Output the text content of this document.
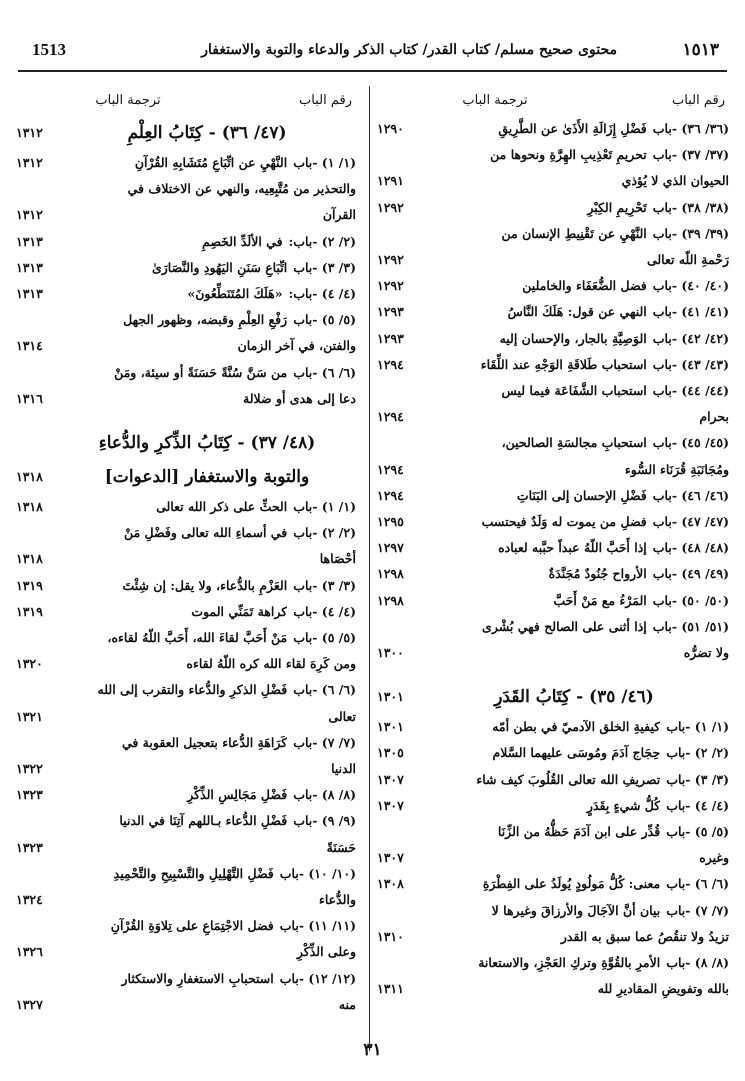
1513	محتوى صحيح مسلم/ كتاب القدر/ كتاب الذكر والدعاء والتوبة والاستغفار	١٥١٣
رقم الباب
ترجمة الباب
(٣٦/ ٣٦) -باب
فَضْلِ إِزَالَةِ الأَذَىٰ عن الطَّرِيقِ
١٢٩٠
(٣٧/ ٣٧) -باب
تحريمِ تَعْذِيبِ الهِرَّةِ ونحوها من
الحيوان الذي لا يُؤذي
١٢٩١
(٣٨/ ٣٨) -باب
تَحْرِيمِ الكِبْرِ
١٢٩٢
(٣٩/ ٣٩) -باب
النَّهْيِ عن تَقْنِيطِ الإنسان من
رَحْمةِ اللّه تعالى
١٢٩٢
(٤٠/ ٤٠) -باب
فضل الضُّعَفَاء والخاملين
١٢٩٢
(٤١/ ٤١) -باب
النهي عن قول: هَلَكَ النَّاسُ
١٢٩٣
(٤٢/ ٤٢) -باب
الوَصِيَّةِ بالجار، والإحسان إليه
١٢٩٣
(٤٣/ ٤٣) -باب
استحباب طَلاقَةِ الوَجْهِ عند اللِّقَاء
١٢٩٤
(٤٤/ ٤٤) -باب
استحباب الشَّفَاعَة فيما ليس
بحرام
١٢٩٤
(٤٥/ ٤٥) -باب
استحبابِ مجالسَةِ الصالحين،
ومُجَانَبَةِ قُرَنَاء السُّوء
١٢٩٤
(٤٦/ ٤٦) -باب
فَضْلِ الإحسان إلى البَنَاتِ
١٢٩٤
(٤٧/ ٤٧) -باب
فضلِ من يموت له وَلَدٌ فيحتسب
١٢٩٥
(٤٨/ ٤٨) -باب
إذا أَحَبَّ اللّهُ عبداً حبَّبه لعباده
١٢٩٧
(٤٩/ ٤٩) -باب
الأرواح جُنُودٌ مُجَنَّدَةٌ
١٢٩٨
(٥٠/ ٥٠) -باب
المَرْءُ مع مَنْ أَحَبَّ
١٢٩٨
(٥١/ ٥١) -باب
إذا أثنى على الصالح فهي بُشْرى
ولا تضرُّه
١٣٠٠
(٤٦/ ٣٥) - كِتَابُ القَدَرِ
١٣٠١
(١/ ١) -باب
كيفيةِ الخلق الآدميّ في بطن أمّه
١٣٠١
(٢/ ٢) -باب
حِجَاج آدَمَ ومُوسَى عليهما السَّلام
١٣٠٥
(٣/ ٣) -باب
تصريفِ الله تعالى القُلُوبَ كيف شاء
١٣٠٧
(٤/ ٤) -باب
كُلُّ شيءٍ بِقَدَرٍ
١٣٠٧
(٥/ ٥) -باب
قُدِّر على ابن آدَمَ حَظُّهُ من الزِّنَا
وغيره
١٣٠٧
(٦/ ٦) -باب
معنى: كُلُّ مَولُودٍ يُولَدُ على الفِطْرَةِ
١٣٠٨
(٧/ ٧) -باب
بيان أنَّ الآجَالَ والأرزاقَ وغيرها لا
تزيدُ ولا تنقُصُ عما سبق به القدر
١٣١٠
(٨/ ٨) -باب
الأمرِ بالقُوَّةِ وتركِ العَجْزِ، والاستعانة
بالله وتفويضِ المقاديرِ لله
١٣١١
رقم الباب
ترجمة الباب
(٤٧/ ٣٦) - كِتَابُ العِلْمِ
١٣١٢
(١/ ١) -باب
النَّهْيِ عن اتِّبَاعِ مُتَشَابِهِ القُرْآنِ
١٣١٢
والتحذير من مُتَّبِعِيه، والنهي عن الاختلاف في
القرآن
١٣١٢
(٢/ ٢) -باب:
في الألَدِّ الخَصِمِ
١٣١٣
(٣/ ٣) -باب
اتِّبَاعِ سَنَنِ اليَهُودِ والنَّصَارَىٰ
١٣١٣
(٤/ ٤) -باب:
«هَلَكَ المُتَنَطِّعُونَ»
١٣١٣
(٥/ ٥) -باب
رَفْعِ العِلْمِ وقبضه، وظهور الجهل
والفتن، في آخر الزمان
١٣١٤
(٦/ ٦) -باب
من سَنَّ سُنَّةً حَسَنَةً أو سيئة، ومَنْ
دعا إلى هدى أو ضلالة
١٣١٦
(٤٨/ ٣٧) - كِتَابُ الذِّكرِ والدُّعاءِ
والتوبة والاستغفار [الدعوات]
١٣١٨
(١/ ١) -باب
الحثِّ على ذكر الله تعالى
١٣١٨
(٢/ ٢) -باب
في أسماءِ الله تعالى وفَضْلِ مَنْ
أحْصَاها
١٣١٨
(٣/ ٣) -باب
العَزْمِ بالدُّعاء، ولا يقل: إن شِئْتَ
١٣١٩
(٤/ ٤) -باب
كراهة تَمَنِّي الموت
١٣١٩
(٥/ ٥) -باب
مَنْ أَحَبَّ لقاءَ الله، أَحَبَّ اللّهُ لقاءه،
ومن كَرِهَ لقاء الله كره اللّهُ لقاءه
١٣٢٠
(٦/ ٦) -باب
فَضْلِ الذكرِ والدُّعاء والتقرب إلى الله
تعالى
١٣٢١
(٧/ ٧) -باب
كَرَاهَةِ الدُّعاء بتعجيل العقوبة في
الدنيا
١٣٢٢
(٨/ ٨) -باب
فَضْلِ مَجَالِسِ الذِّكْرِ
١٣٢٣
(٩/ ٩) -باب
فَضْلِ الدُّعاء بـاللهم آتِنَا في الدنيا
حَسَنَةً
١٣٢٣
(١٠/ ١٠) -باب
فَضْلِ التَّهْلِيلِ والتَّسْبِيحِ والتَّحْمِيدِ
والدُّعاء
١٣٢٤
(١١/ ١١) -باب
فضل الاجْتِمَاعِ على تِلاوَةِ القُرْآنِ
وعلى الذِّكْرِ
١٣٢٦
(١٢/ ١٢) -باب
استحبابِ الاستغفارِ والاستكثار
منه
١٣٢٧
٣١
